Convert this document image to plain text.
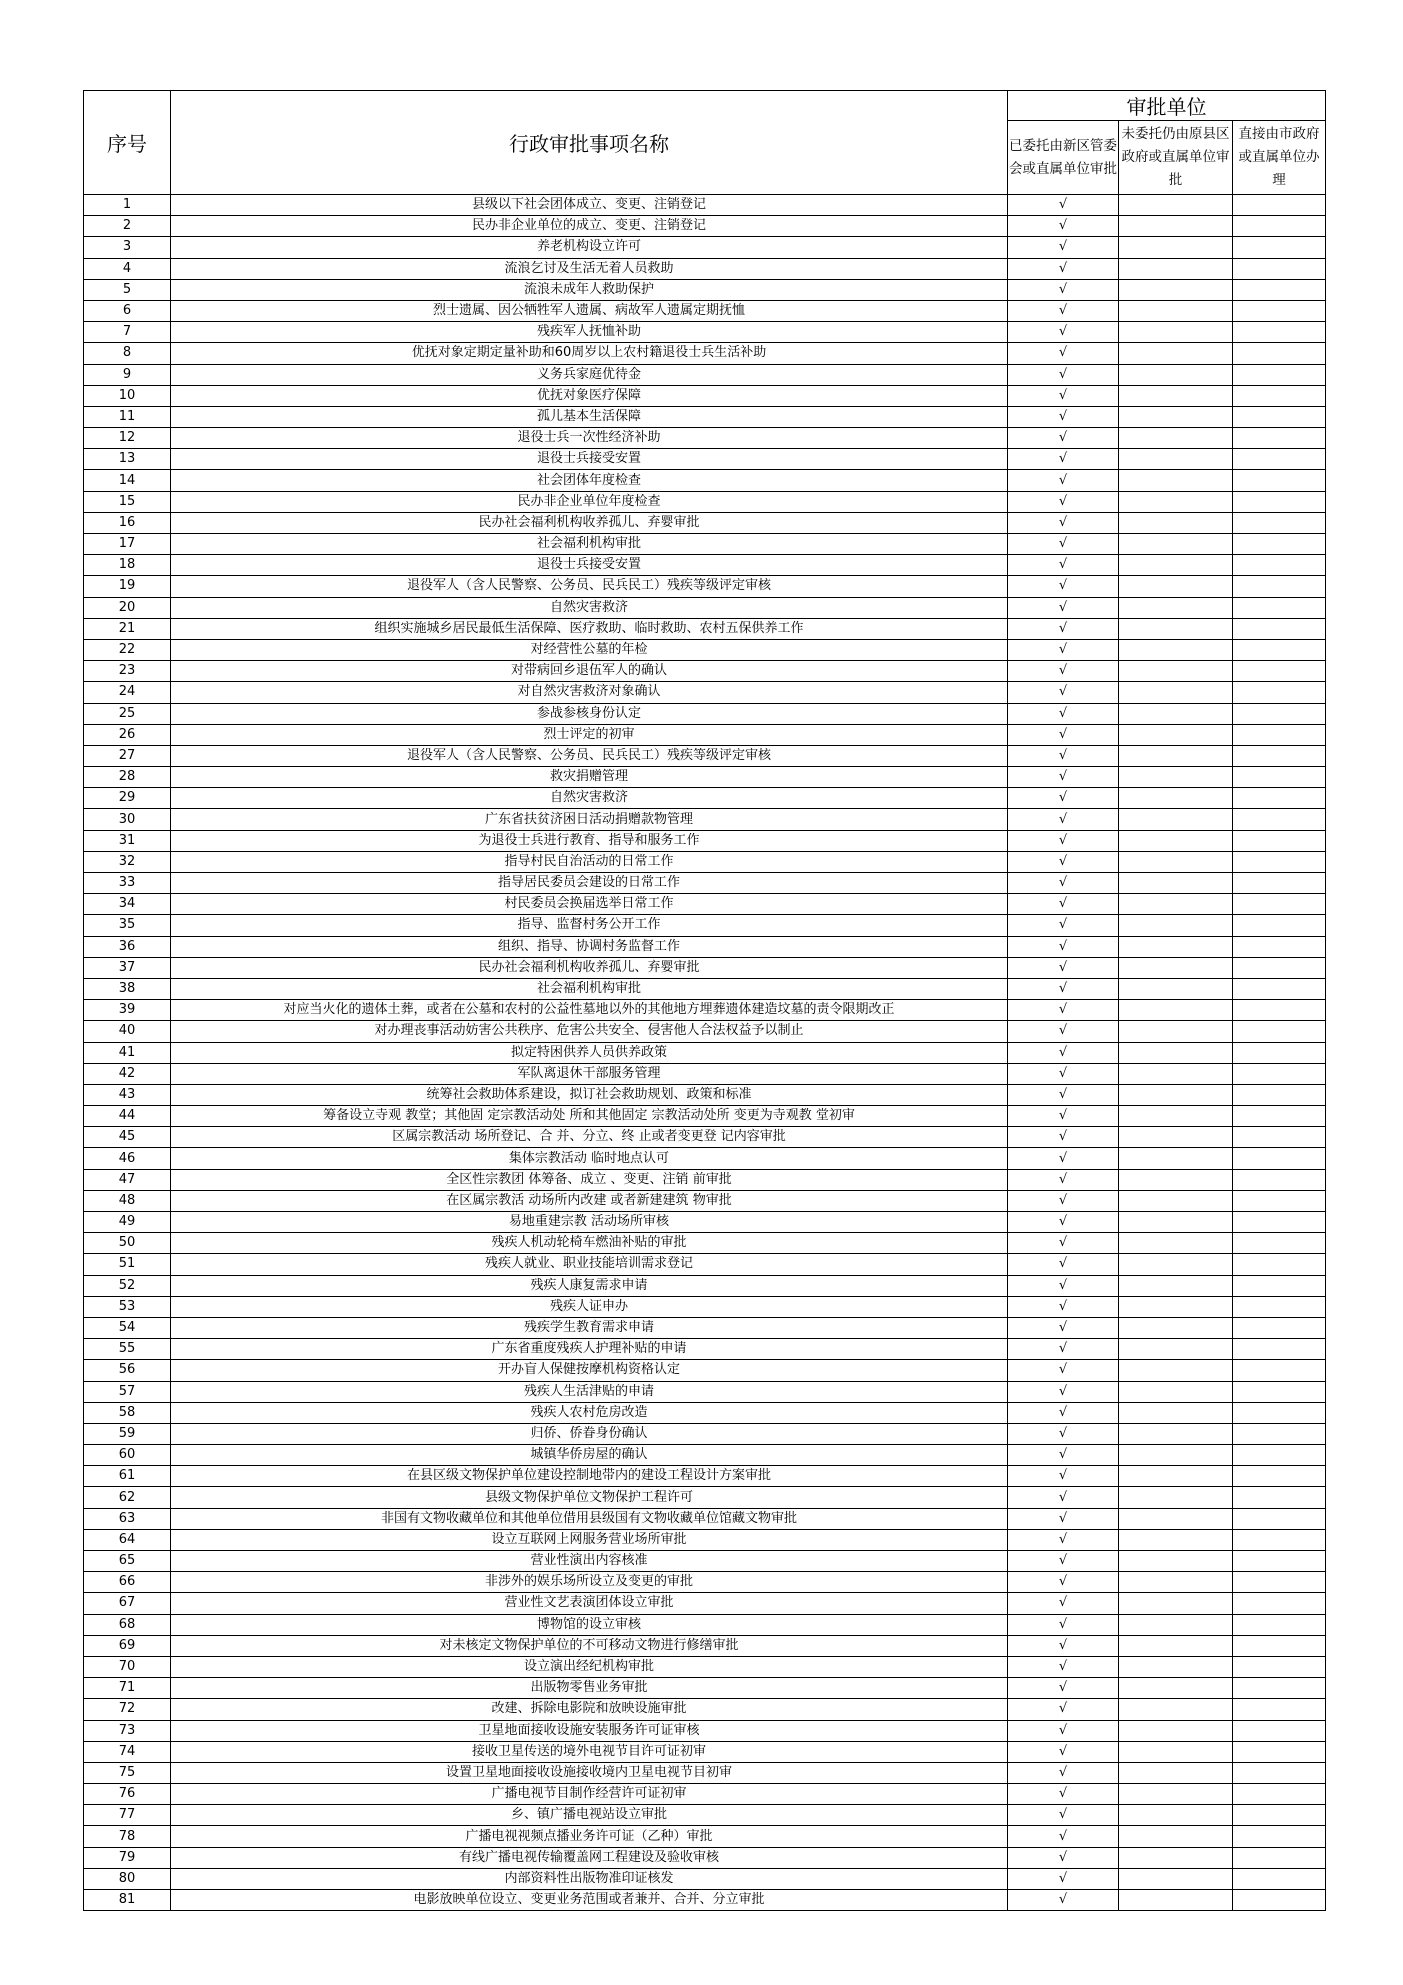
序号	行政审批事项名称	审批单位		
		已委托由新区管委会或直属单位审批	未委托仍由原县区政府或直属单位审批	直接由市政府或直属单位办理
1	县级以下社会团体成立、变更、注销登记	√		
2	民办非企业单位的成立、变更、注销登记	√		
3	养老机构设立许可	√		
4	流浪乞讨及生活无着人员救助	√		
5	流浪未成年人救助保护	√		
6	烈士遗属、因公牺牲军人遗属、病故军人遗属定期抚恤	√		
7	残疾军人抚恤补助	√		
8	优抚对象定期定量补助和60周岁以上农村籍退役士兵生活补助	√		
9	义务兵家庭优待金	√		
10	优抚对象医疗保障	√		
11	孤儿基本生活保障	√		
12	退役士兵一次性经济补助	√		
13	退役士兵接受安置	√		
14	社会团体年度检查	√		
15	民办非企业单位年度检查	√		
16	民办社会福利机构收养孤儿、弃婴审批	√		
17	社会福利机构审批	√		
18	退役士兵接受安置	√		
19	退役军人（含人民警察、公务员、民兵民工）残疾等级评定审核	√		
20	自然灾害救济	√		
21	组织实施城乡居民最低生活保障、医疗救助、临时救助、农村五保供养工作	√		
22	对经营性公墓的年检	√		
23	对带病回乡退伍军人的确认	√		
24	对自然灾害救济对象确认	√		
25	参战参核身份认定	√		
26	烈士评定的初审	√		
27	退役军人（含人民警察、公务员、民兵民工）残疾等级评定审核	√		
28	救灾捐赠管理	√		
29	自然灾害救济	√		
30	广东省扶贫济困日活动捐赠款物管理	√		
31	为退役士兵进行教育、指导和服务工作	√		
32	指导村民自治活动的日常工作	√		
33	指导居民委员会建设的日常工作	√		
34	村民委员会换届选举日常工作	√		
35	指导、监督村务公开工作	√		
36	组织、指导、协调村务监督工作	√		
37	民办社会福利机构收养孤儿、弃婴审批	√		
38	社会福利机构审批	√		
39	对应当火化的遗体土葬，或者在公墓和农村的公益性墓地以外的其他地方埋葬遗体建造坟墓的责令限期改正	√		
40	对办理丧事活动妨害公共秩序、危害公共安全、侵害他人合法权益予以制止	√		
41	拟定特困供养人员供养政策	√		
42	军队离退休干部服务管理	√		
43	统筹社会救助体系建设，拟订社会救助规划、政策和标准	√		
44	筹备设立寺观 教堂；其他固 定宗教活动处 所和其他固定 宗教活动处所 变更为寺观教 堂初审	√		
45	区属宗教活动 场所登记、合 并、分立、终 止或者变更登 记内容审批	√		
46	集体宗教活动 临时地点认可	√		
47	全区性宗教团 体筹备、成立 、变更、注销 前审批	√		
48	在区属宗教活 动场所内改建 或者新建建筑 物审批	√		
49	易地重建宗教 活动场所审核	√		
50	残疾人机动轮椅车燃油补贴的审批	√		
51	残疾人就业、职业技能培训需求登记	√		
52	残疾人康复需求申请	√		
53	残疾人证申办	√		
54	残疾学生教育需求申请	√		
55	广东省重度残疾人护理补贴的申请	√		
56	开办盲人保健按摩机构资格认定	√		
57	残疾人生活津贴的申请	√		
58	残疾人农村危房改造	√		
59	归侨、侨眷身份确认	√		
60	城镇华侨房屋的确认	√		
61	在县区级文物保护单位建设控制地带内的建设工程设计方案审批	√		
62	县级文物保护单位文物保护工程许可	√		
63	非国有文物收藏单位和其他单位借用县级国有文物收藏单位馆藏文物审批	√		
64	设立互联网上网服务营业场所审批	√		
65	营业性演出内容核准	√		
66	非涉外的娱乐场所设立及变更的审批	√		
67	营业性文艺表演团体设立审批	√		
68	博物馆的设立审核	√		
69	对未核定文物保护单位的不可移动文物进行修缮审批	√		
70	设立演出经纪机构审批	√		
71	出版物零售业务审批	√		
72	改建、拆除电影院和放映设施审批	√		
73	卫星地面接收设施安装服务许可证审核	√		
74	接收卫星传送的境外电视节目许可证初审	√		
75	设置卫星地面接收设施接收境内卫星电视节目初审	√		
76	广播电视节目制作经营许可证初审	√		
77	乡、镇广播电视站设立审批	√		
78	广播电视视频点播业务许可证（乙种）审批	√		
79	有线广播电视传输覆盖网工程建设及验收审核	√		
80	内部资料性出版物准印证核发	√		
81	电影放映单位设立、变更业务范围或者兼并、合并、分立审批	√		
